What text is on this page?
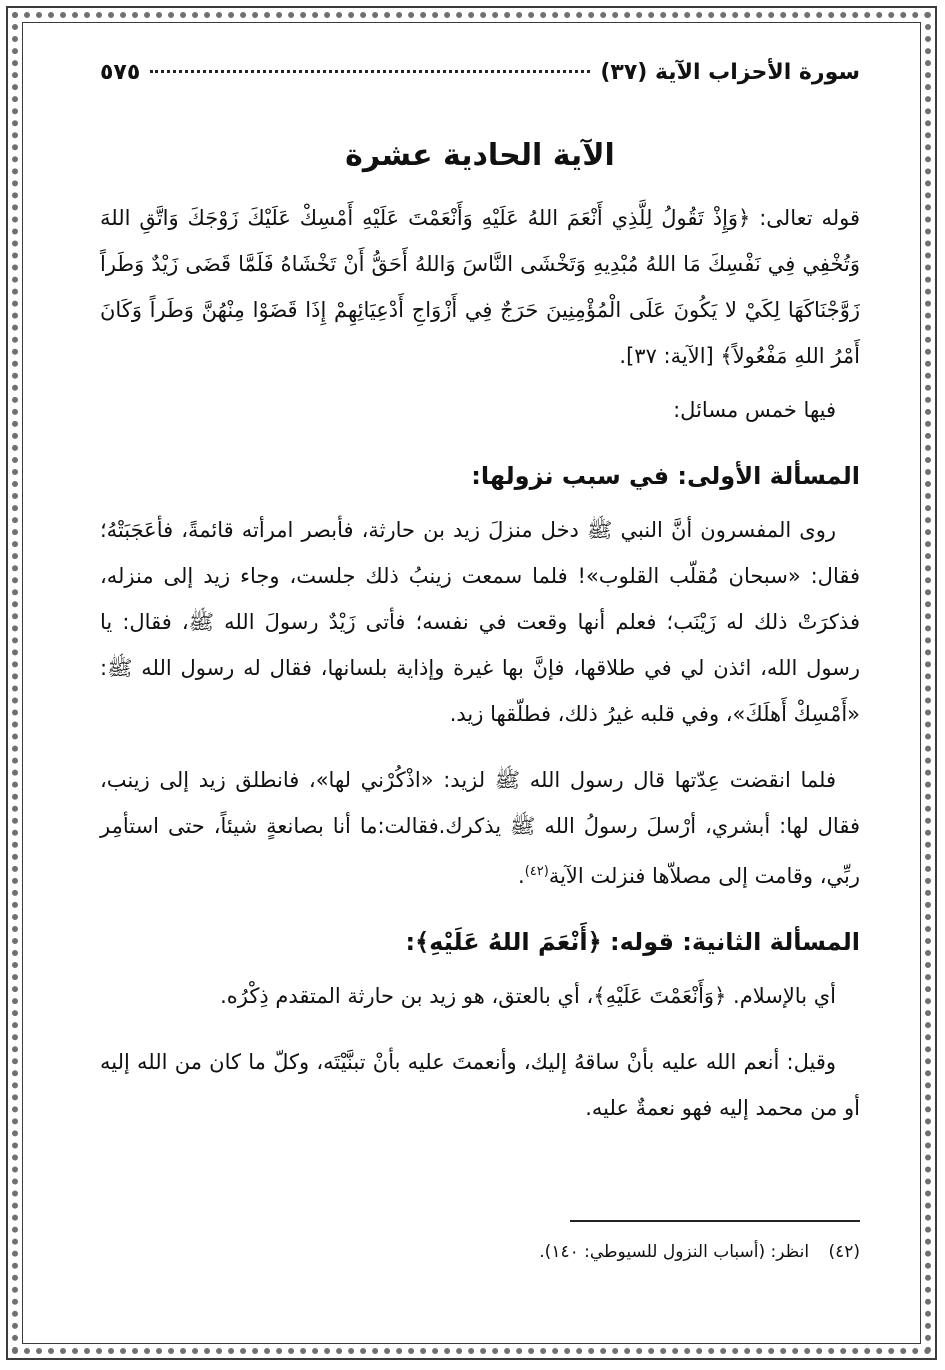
سورة الأحزاب الآية (٣٧)
٥٧٥
الآية الحادية عشرة

قوله تعالى: ﴿وَإِذْ تَقُولُ لِلَّذِي أَنْعَمَ اللهُ عَلَيْهِ وَأَنْعَمْتَ عَلَيْهِ أَمْسِكْ عَلَيْكَ زَوْجَكَ وَاتَّقِ اللهَ وَتُخْفِي فِي نَفْسِكَ مَا اللهُ مُبْدِيهِ وَتَخْشَى النَّاسَ وَاللهُ أَحَقُّ أَنْ تَخْشَاهُ فَلَمَّا قَضَى زَيْدٌ وَطَراً زَوَّجْنَاكَهَا لِكَيْ لا يَكُونَ عَلَى الْمُؤْمِنِينَ حَرَجٌ فِي أَزْوَاجِ أَدْعِيَائِهِمْ إِذَا قَضَوْا مِنْهُنَّ وَطَراً وَكَانَ أَمْرُ اللهِ مَفْعُولاً﴾ [الآية: ٣٧].

فيها خمس مسائل:

المسألة الأولى: في سبب نزولها:

روى المفسرون أنَّ النبي ﷺ دخل منزلَ زيد بن حارثة، فأبصر امرأته قائمةً، فأعَجَبَتْهُ؛ فقال: «سبحان مُقلّب القلوب»! فلما سمعت زينبُ ذلك جلست، وجاء زيد إلى منزله، فذكرَتْ ذلك له زَيْنَب؛ فعلم أنها وقعت في نفسه؛ فأتى زَيْدٌ رسولَ الله ﷺ، فقال: يا رسول الله، ائذن لي في طلاقها، فإنَّ بها غيرة وإذاية بلسانها، فقال له رسول الله ﷺ: «أَمْسِكْ أَهلَكَ»، وفي قلبه غيرُ ذلك، فطلّقها زيد.

فلما انقضت عِدّتها قال رسول الله ﷺ لزيد: «اذْكُرْني لها»، فانطلق زيد إلى زينب، فقال لها: أبشري، أرْسلَ رسولُ الله ﷺ يذكرك.فقالت:ما أنا بصانعةٍ شيئاً، حتى استأمِر ربِّي، وقامت إلى مصلاّها فنزلت الآية$^{(٤٢)}$.

المسألة الثانية: قوله: ﴿أَنْعَمَ اللهُ عَلَيْهِ﴾:

أي بالإسلام. ﴿وَأَنْعَمْتَ عَلَيْهِ﴾، أي بالعتق، هو زيد بن حارثة المتقدم ذِكْرُه.

وقيل: أنعم الله عليه بأنْ ساقهُ إليك، وأنعمتَ عليه بأنْ تبنَّيْتَه، وكلّ ما كان من الله إليه أو من محمد إليه فهو نعمةٌ عليه.

(٤٢) انظر: (أسباب النزول للسيوطي: ١٤٠).
